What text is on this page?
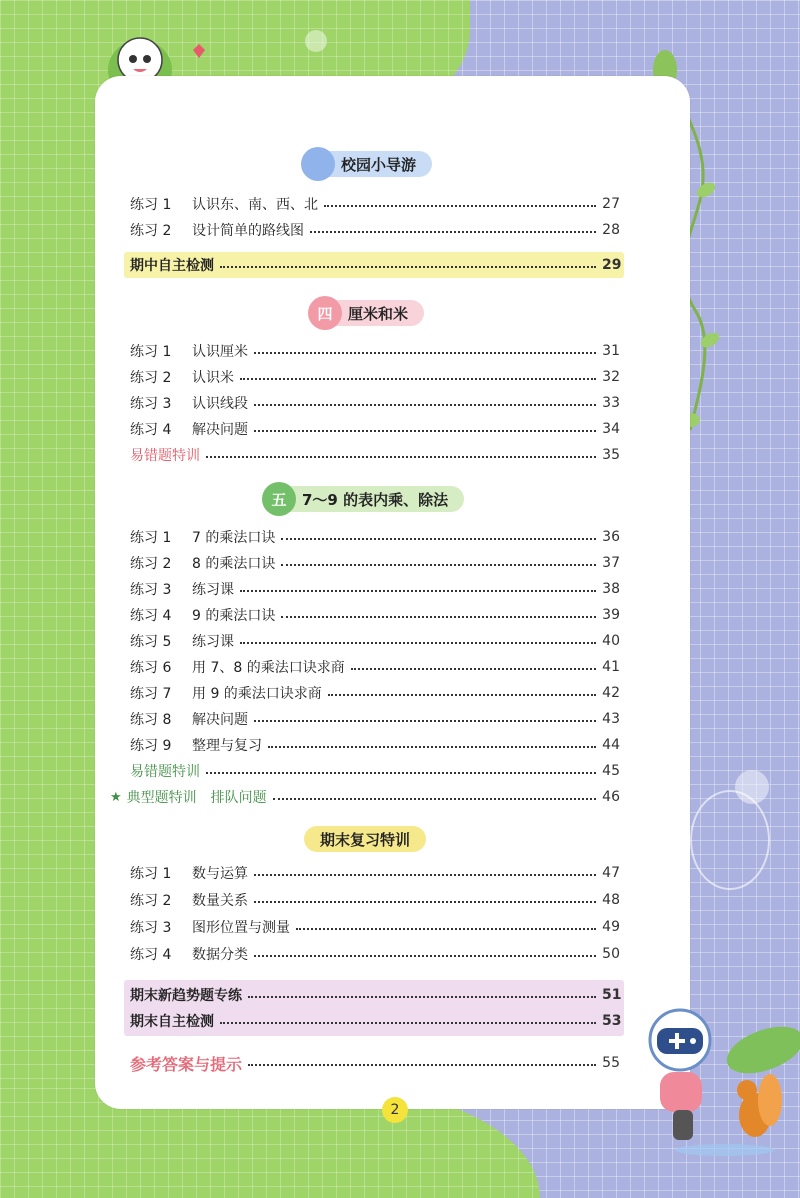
校园小导游
练习 1	认识东、南、西、北	27
练习 2	设计简单的路线图	28
期中自主检测	29
四	厘米和米
练习 1	认识厘米	31
练习 2	认识米	32
练习 3	认识线段	33
练习 4	解决问题	34
易错题特训	35
五	7～9 的表内乘、除法
练习 1	7 的乘法口诀	36
练习 2	8 的乘法口诀	37
练习 3	练习课	38
练习 4	9 的乘法口诀	39
练习 5	练习课	40
练习 6	用 7、8 的乘法口诀求商	41
练习 7	用 9 的乘法口诀求商	42
练习 8	解决问题	43
练习 9	整理与复习	44
易错题特训	45
★ 典型题特训 排队问题	46
期末复习特训
练习 1	数与运算	47
练习 2	数量关系	48
练习 3	图形位置与测量	49
练习 4	数据分类	50
期末新趋势题专练	51
期末自主检测	53
参考答案与提示	55
2
